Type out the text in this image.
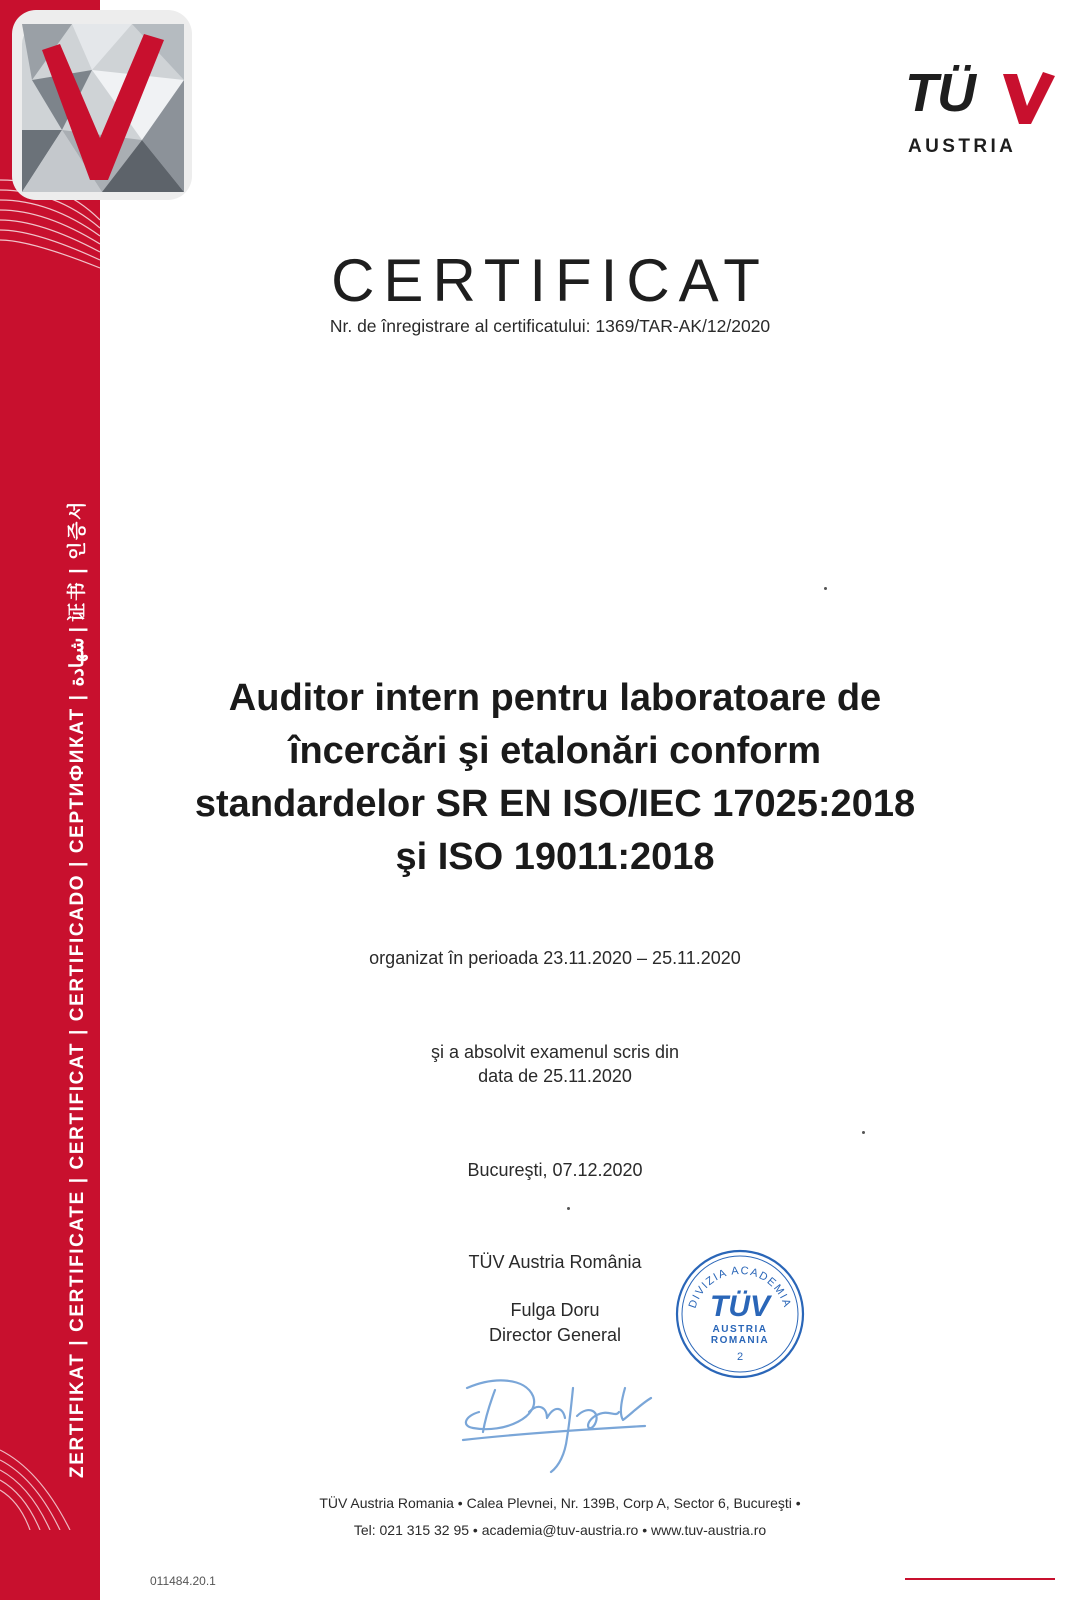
ZERTIFIKAT | CERTIFICATE | CERTIFICAT | CERTIFICADO | СЕРТИФИКАТ | شهادة | 证书 | 인증서
TÜ
AUSTRIA
CERTIFICAT
Nr. de înregistrare al certificatului: 1369/TAR-AK/12/2020
Auditor intern pentru laboratoare de
încercări şi etalonări conform
standardelor SR EN ISO/IEC 17025:2018
şi ISO 19011:2018
organizat în perioada 23.11.2020 – 25.11.2020
şi a absolvit examenul scris din
data de 25.11.2020
Bucureşti, 07.12.2020
TÜV Austria România
Fulga Doru
Director General
DIVIZIA ACADEMIA
TÜV
AUSTRIA
ROMANIA
2
TÜV Austria Romania • Calea Plevnei, Nr. 139B, Corp A, Sector 6, Bucureşti •
Tel: 021 315 32 95 • academia@tuv-austria.ro • www.tuv-austria.ro
011484.20.1
